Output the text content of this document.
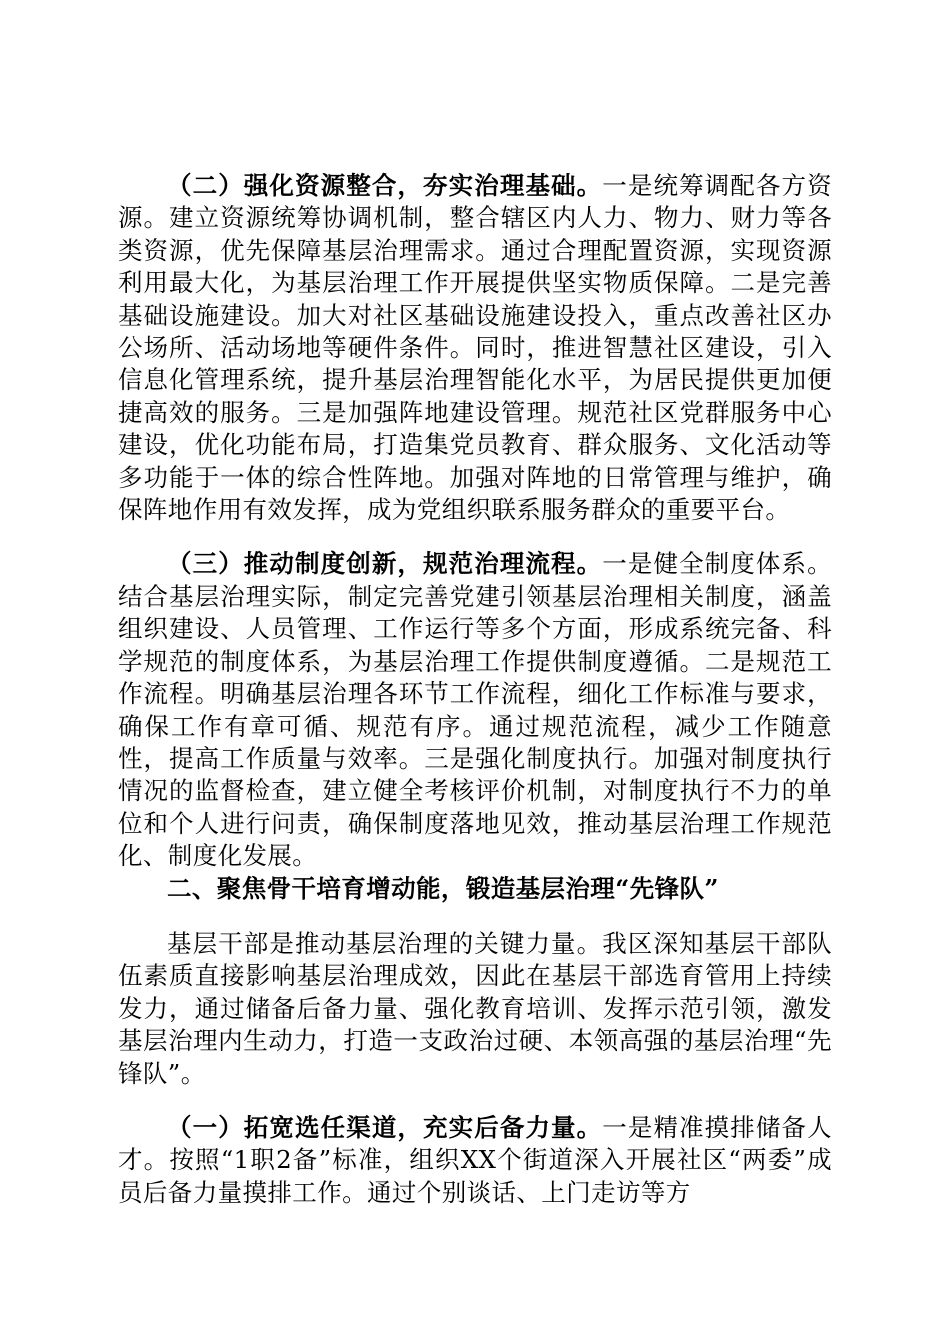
（二）强化资源整合，夯实治理基础。一是统筹调配各方资源。建立资源统筹协调机制，整合辖区内人力、物力、财力等各类资源，优先保障基层治理需求。通过合理配置资源，实现资源利用最大化，为基层治理工作开展提供坚实物质保障。二是完善基础设施建设。加大对社区基础设施建设投入，重点改善社区办公场所、活动场地等硬件条件。同时，推进智慧社区建设，引入信息化管理系统，提升基层治理智能化水平，为居民提供更加便捷高效的服务。三是加强阵地建设管理。规范社区党群服务中心建设，优化功能布局，打造集党员教育、群众服务、文化活动等多功能于一体的综合性阵地。加强对阵地的日常管理与维护，确保阵地作用有效发挥，成为党组织联系服务群众的重要平台。

（三）推动制度创新，规范治理流程。一是健全制度体系。结合基层治理实际，制定完善党建引领基层治理相关制度，涵盖组织建设、人员管理、工作运行等多个方面，形成系统完备、科学规范的制度体系，为基层治理工作提供制度遵循。二是规范工作流程。明确基层治理各环节工作流程，细化工作标准与要求，确保工作有章可循、规范有序。通过规范流程，减少工作随意性，提高工作质量与效率。三是强化制度执行。加强对制度执行情况的监督检查，建立健全考核评价机制，对制度执行不力的单位和个人进行问责，确保制度落地见效，推动基层治理工作规范化、制度化发展。

二、聚焦骨干培育增动能，锻造基层治理“先锋队”

基层干部是推动基层治理的关键力量。我区深知基层干部队伍素质直接影响基层治理成效，因此在基层干部选育管用上持续发力，通过储备后备力量、强化教育培训、发挥示范引领，激发基层治理内生动力，打造一支政治过硬、本领高强的基层治理“先锋队”。

（一）拓宽选任渠道，充实后备力量。一是精准摸排储备人才。按照“1职2备”标准，组织XX个街道深入开展社区“两委”成员后备力量摸排工作。通过个别谈话、上门走访等方
